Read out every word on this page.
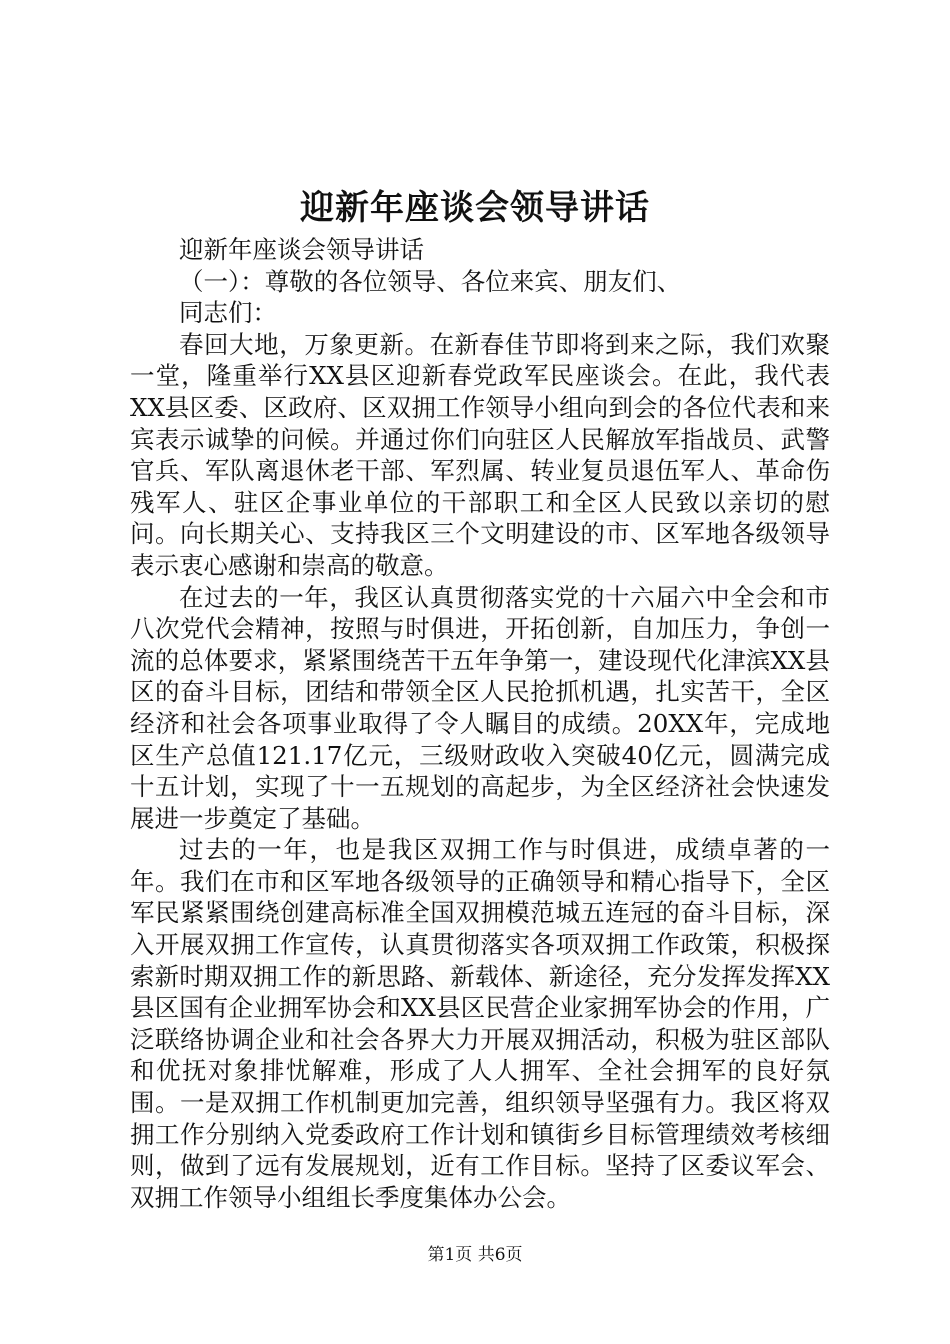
迎新年座谈会领导讲话

迎新年座谈会领导讲话

（一）：尊敬的各位领导、各位来宾、朋友们、

同志们：

春回大地，万象更新。在新春佳节即将到来之际，我们欢聚一堂，隆重举行XX县区迎新春党政军民座谈会。在此，我代表XX县区委、区政府、区双拥工作领导小组向到会的各位代表和来宾表示诚挚的问候。并通过你们向驻区人民解放军指战员、武警官兵、军队离退休老干部、军烈属、转业复员退伍军人、革命伤残军人、驻区企事业单位的干部职工和全区人民致以亲切的慰问。向长期关心、支持我区三个文明建设的市、区军地各级领导表示衷心感谢和崇高的敬意。

在过去的一年，我区认真贯彻落实党的十六届六中全会和市八次党代会精神，按照与时俱进，开拓创新，自加压力，争创一流的总体要求，紧紧围绕苦干五年争第一，建设现代化津滨XX县区的奋斗目标，团结和带领全区人民抢抓机遇，扎实苦干，全区经济和社会各项事业取得了令人瞩目的成绩。20XX年，完成地区生产总值121.17亿元，三级财政收入突破40亿元，圆满完成十五计划，实现了十一五规划的高起步，为全区经济社会快速发展进一步奠定了基础。

过去的一年，也是我区双拥工作与时俱进，成绩卓著的一年。我们在市和区军地各级领导的正确领导和精心指导下，全区军民紧紧围绕创建高标准全国双拥模范城五连冠的奋斗目标，深入开展双拥工作宣传，认真贯彻落实各项双拥工作政策，积极探索新时期双拥工作的新思路、新载体、新途径，充分发挥发挥XX县区国有企业拥军协会和XX县区民营企业家拥军协会的作用，广泛联络协调企业和社会各界大力开展双拥活动，积极为驻区部队和优抚对象排忧解难，形成了人人拥军、全社会拥军的良好氛围。一是双拥工作机制更加完善，组织领导坚强有力。我区将双拥工作分别纳入党委政府工作计划和镇街乡目标管理绩效考核细则，做到了远有发展规划，近有工作目标。坚持了区委议军会、双拥工作领导小组组长季度集体办公会。

第1页 共6页
